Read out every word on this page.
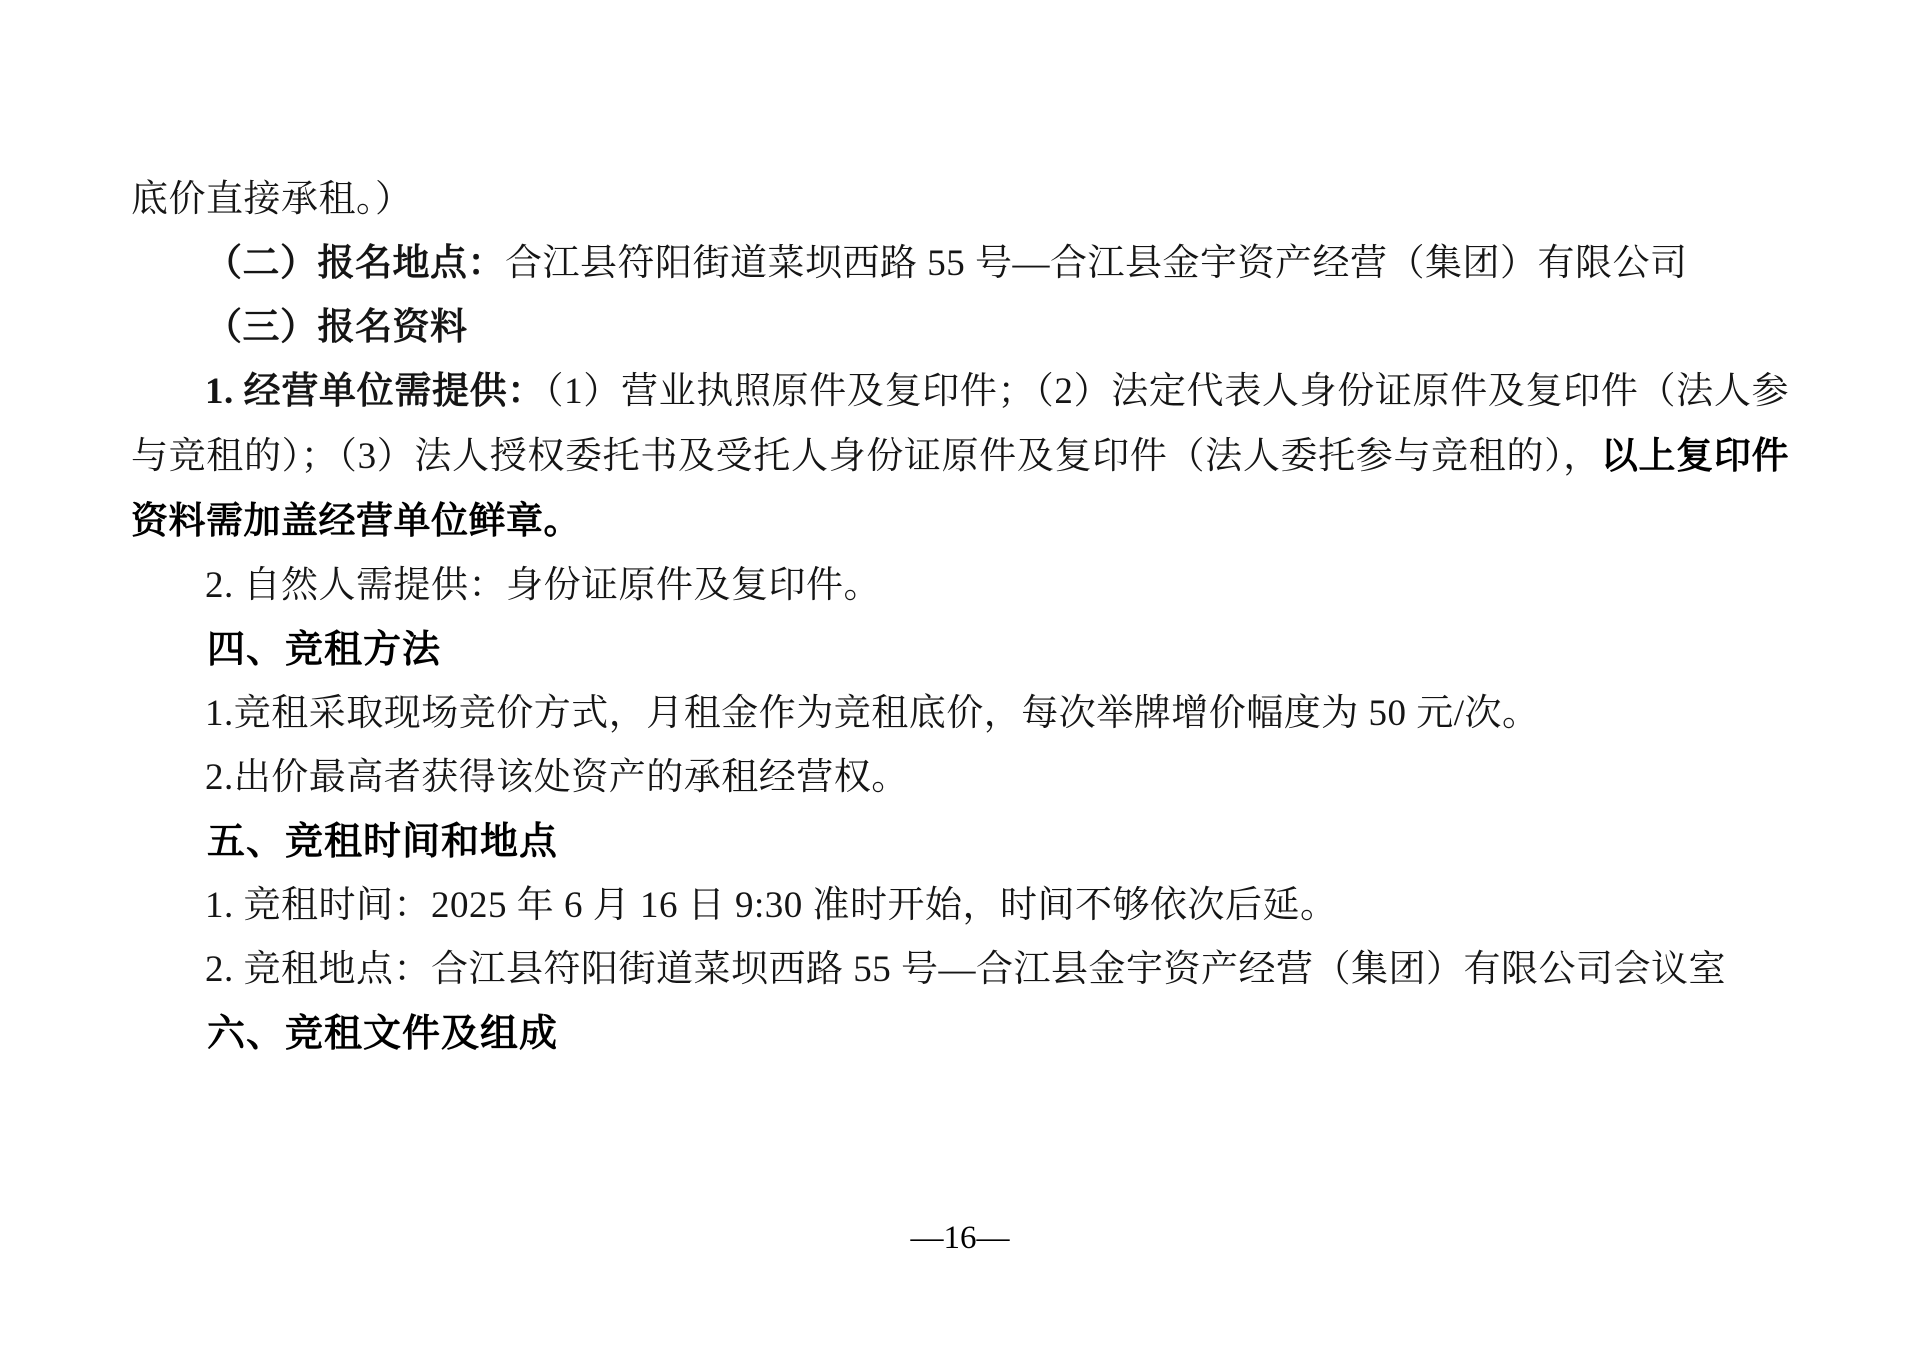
底价直接承租。）

（二）报名地点：合江县符阳街道菜坝西路 55 号—合江县金宇资产经营（集团）有限公司

（三）报名资料

1. 经营单位需提供：（1）营业执照原件及复印件；（2）法定代表人身份证原件及复印件（法人参与竞租的）；（3）法人授权委托书及受托人身份证原件及复印件（法人委托参与竞租的），以上复印件资料需加盖经营单位鲜章。

2. 自然人需提供：身份证原件及复印件。

四、竞租方法

1.竞租采取现场竞价方式，月租金作为竞租底价，每次举牌增价幅度为 50 元/次。

2.出价最高者获得该处资产的承租经营权。

五、竞租时间和地点

1. 竞租时间：2025 年 6 月 16 日 9:30 准时开始，时间不够依次后延。

2. 竞租地点：合江县符阳街道菜坝西路 55 号—合江县金宇资产经营（集团）有限公司会议室

六、竞租文件及组成

—16—
